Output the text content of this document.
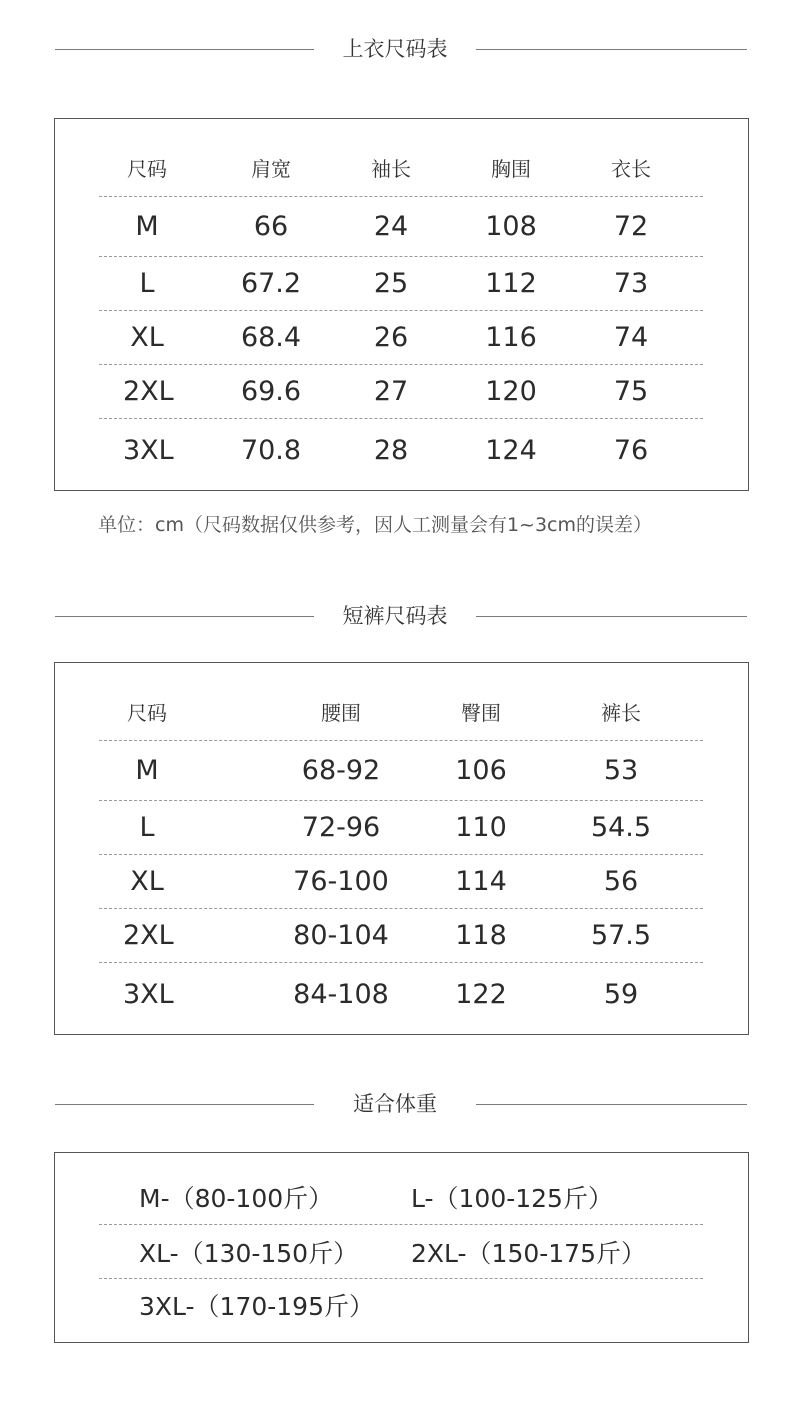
上衣尺码表
尺码	肩宽	袖长	胸围	衣长
M	66	24	108	72
L	67.2	25	112	73
XL	68.4	26	116	74
2XL	69.6	27	120	75
3XL	70.8	28	124	76
单位：cm（尺码数据仅供参考，因人工测量会有1~3cm的误差）
短裤尺码表
尺码	腰围	臀围	裤长
M	68-92	106	53
L	72-96	110	54.5
XL	76-100	114	56
2XL	80-104	118	57.5
3XL	84-108	122	59
适合体重
M-（80-100斤）	L-（100-125斤）
XL-（130-150斤）	2XL-（150-175斤）
3XL-（170-195斤）
